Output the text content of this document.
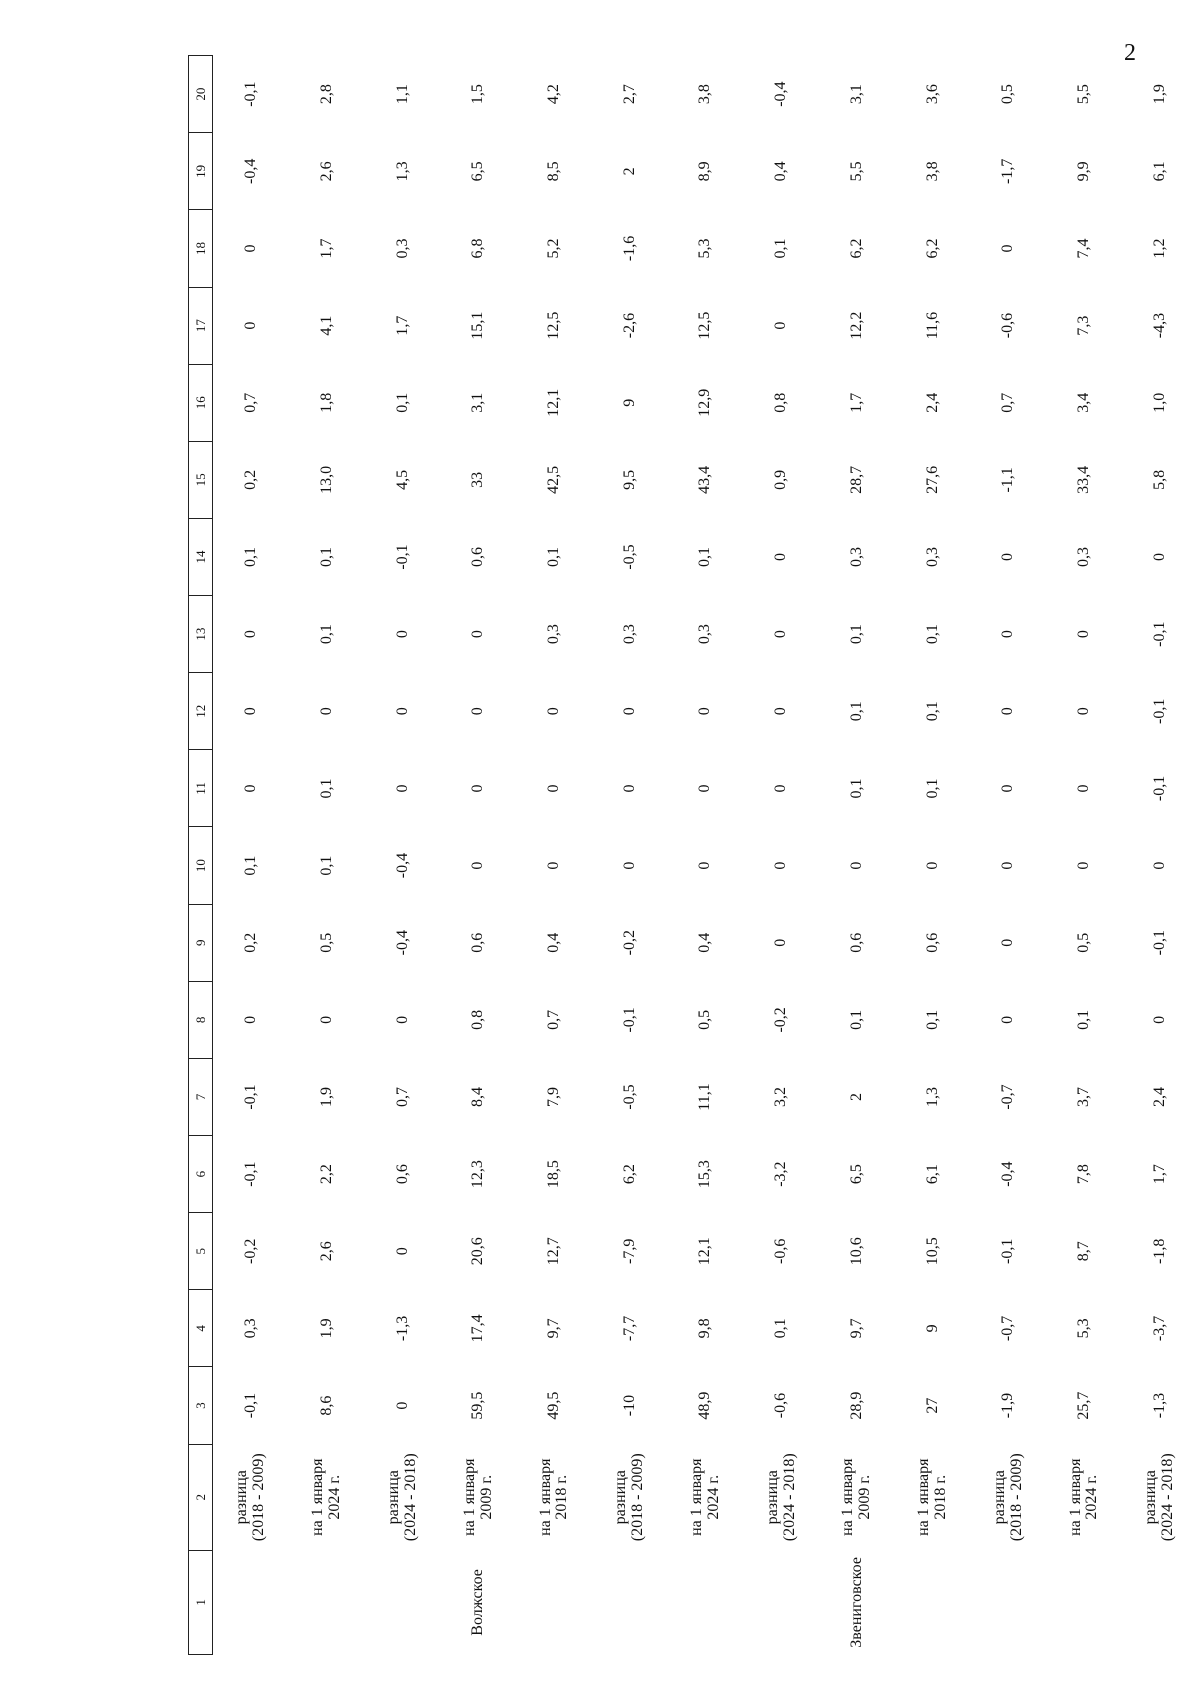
2
1	2	3	4	5	6	7	8	9	10	11	12	13	14	15	16	17	18	19	20
	разница
(2018 - 2009)	-0,1	0,3	-0,2	-0,1	-0,1	0	0,2	0,1	0	0	0	0,1	0,2	0,7	0	0	-0,4	-0,1
	на 1 января
2024 г.	8,6	1,9	2,6	2,2	1,9	0	0,5	0,1	0,1	0	0,1	0,1	13,0	1,8	4,1	1,7	2,6	2,8
	разница
(2024 - 2018)	0	-1,3	0	0,6	0,7	0	-0,4	-0,4	0	0	0	-0,1	4,5	0,1	1,7	0,3	1,3	1,1
Волжское	на 1 января
2009 г.	59,5	17,4	20,6	12,3	8,4	0,8	0,6	0	0	0	0	0,6	33	3,1	15,1	6,8	6,5	1,5
	на 1 января
2018 г.	49,5	9,7	12,7	18,5	7,9	0,7	0,4	0	0	0	0,3	0,1	42,5	12,1	12,5	5,2	8,5	4,2
	разница
(2018 - 2009)	-10	-7,7	-7,9	6,2	-0,5	-0,1	-0,2	0	0	0	0,3	-0,5	9,5	9	-2,6	-1,6	2	2,7
	на 1 января
2024 г.	48,9	9,8	12,1	15,3	11,1	0,5	0,4	0	0	0	0,3	0,1	43,4	12,9	12,5	5,3	8,9	3,8
	разница
(2024 - 2018)	-0,6	0,1	-0,6	-3,2	3,2	-0,2	0	0	0	0	0	0	0,9	0,8	0	0,1	0,4	-0,4
Звениговское	на 1 января
2009 г.	28,9	9,7	10,6	6,5	2	0,1	0,6	0	0,1	0,1	0,1	0,3	28,7	1,7	12,2	6,2	5,5	3,1
	на 1 января
2018 г.	27	9	10,5	6,1	1,3	0,1	0,6	0	0,1	0,1	0,1	0,3	27,6	2,4	11,6	6,2	3,8	3,6
	разница
(2018 - 2009)	-1,9	-0,7	-0,1	-0,4	-0,7	0	0	0	0	0	0	0	-1,1	0,7	-0,6	0	-1,7	0,5
	на 1 января
2024 г.	25,7	5,3	8,7	7,8	3,7	0,1	0,5	0	0	0	0	0,3	33,4	3,4	7,3	7,4	9,9	5,5
	разница
(2024 - 2018)	-1,3	-3,7	-1,8	1,7	2,4	0	-0,1	0	-0,1	-0,1	-0,1	0	5,8	1,0	-4,3	1,2	6,1	1,9
